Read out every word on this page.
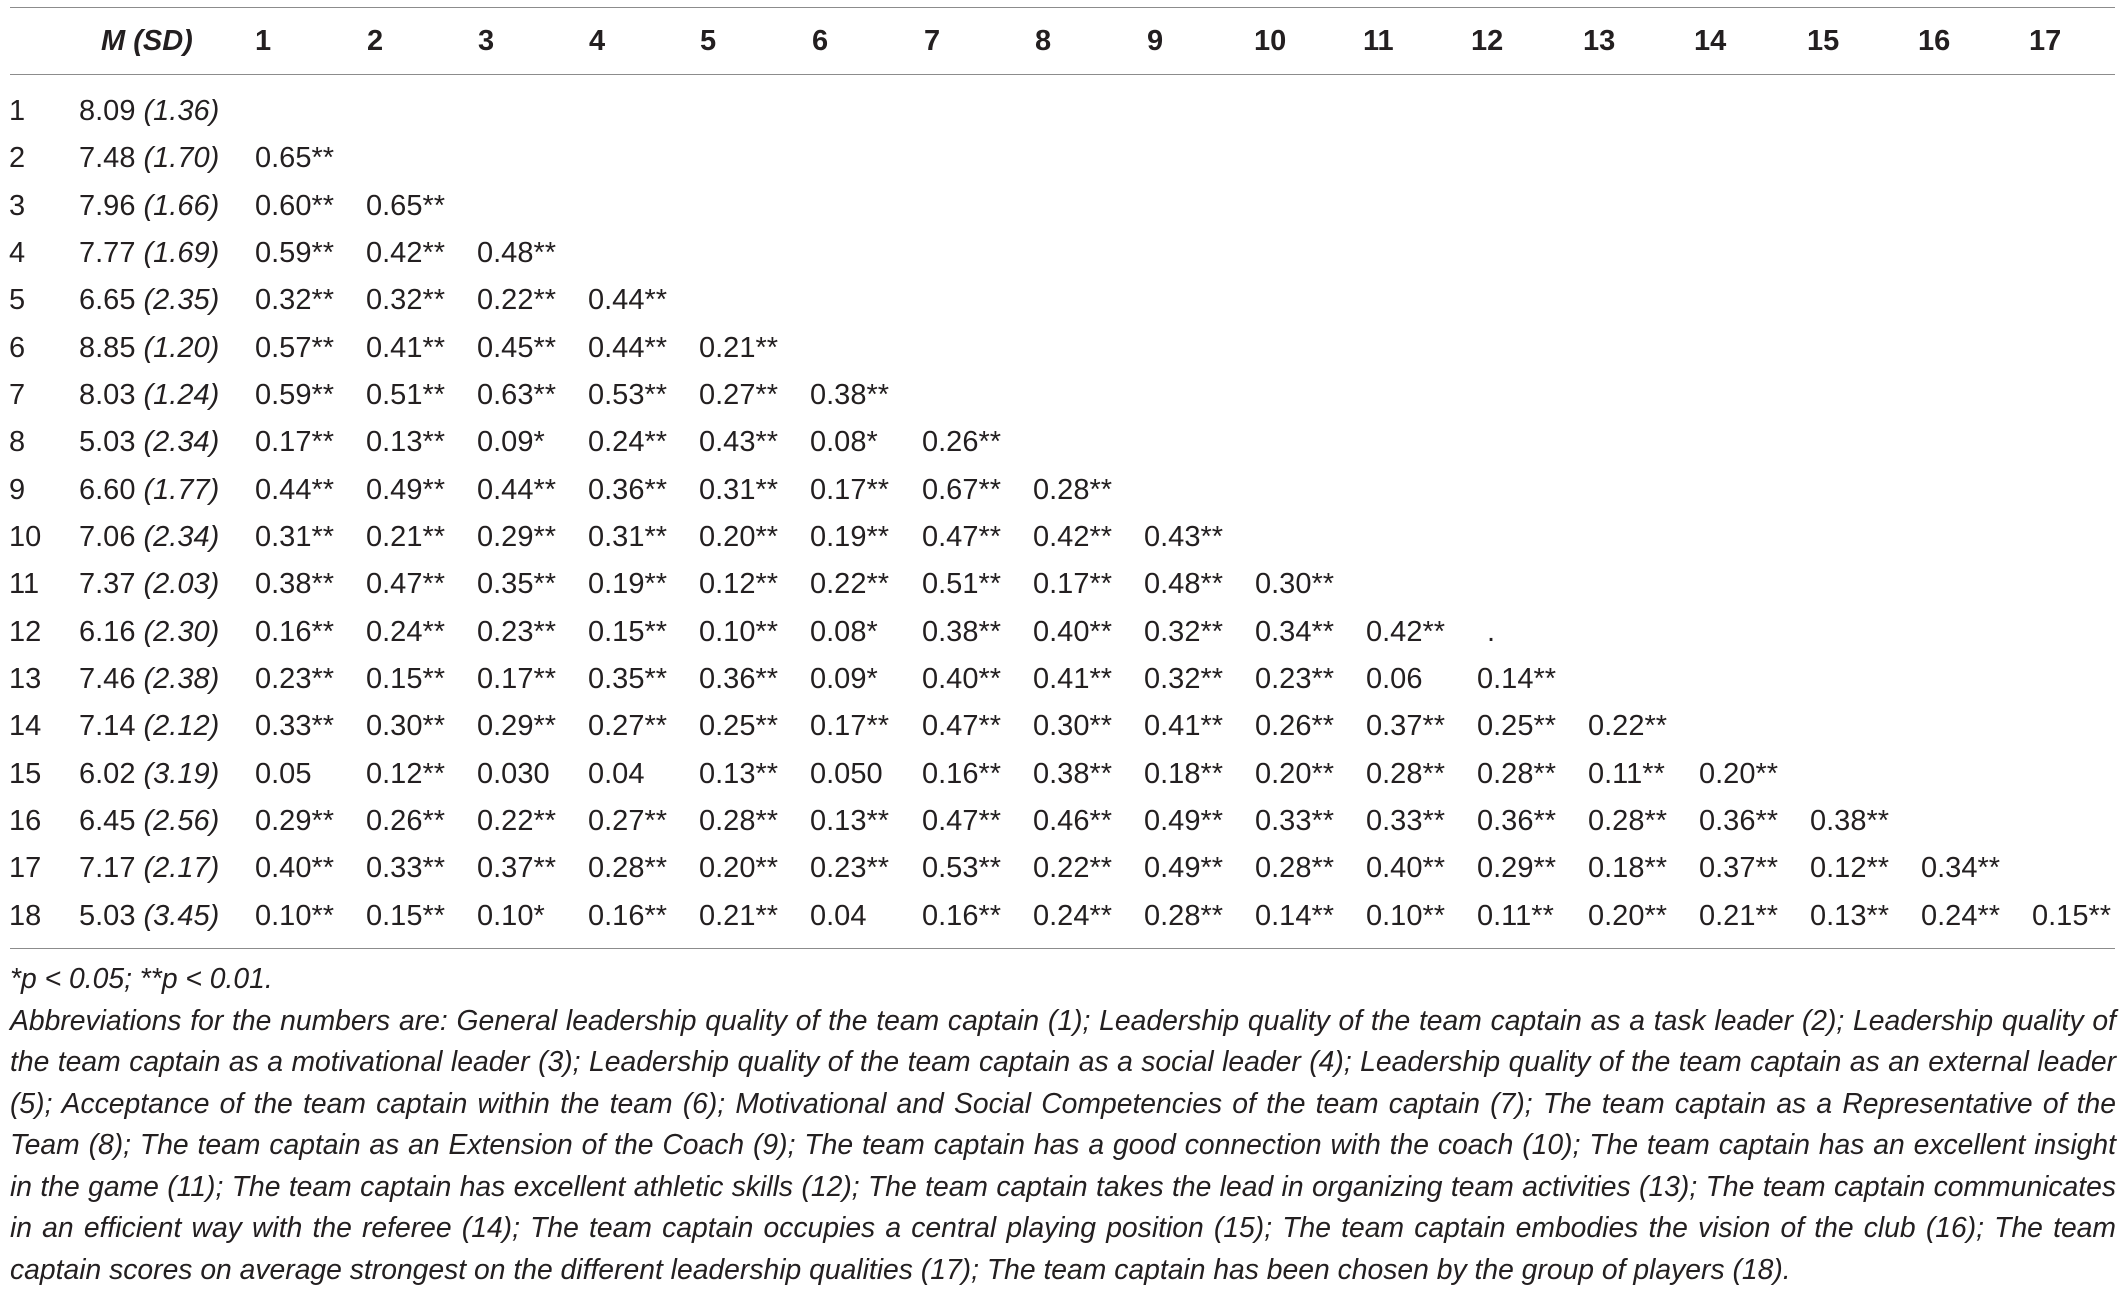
M (SD) 1	2	3	4	5	6	7	8	9	10	11	12	13	14	15	16	17
1 8.09 (1.36)
2 7.48 (1.70) 0.65**
3 7.96 (1.66) 0.60** 0.65**
4 7.77 (1.69) 0.59** 0.42** 0.48**
5 6.65 (2.35) 0.32** 0.32** 0.22** 0.44**
6 8.85 (1.20) 0.57** 0.41** 0.45** 0.44** 0.21**
7 8.03 (1.24) 0.59** 0.51** 0.63** 0.53** 0.27** 0.38**
8 5.03 (2.34) 0.17** 0.13** 0.09* 0.24** 0.43** 0.08* 0.26**
9 6.60 (1.77) 0.44** 0.49** 0.44** 0.36** 0.31** 0.17** 0.67** 0.28**
10 7.06 (2.34) 0.31** 0.21** 0.29** 0.31** 0.20** 0.19** 0.47** 0.42** 0.43**
11 7.37 (2.03) 0.38** 0.47** 0.35** 0.19** 0.12** 0.22** 0.51** 0.17** 0.48** 0.30**
12 6.16 (2.30) 0.16** 0.24** 0.23** 0.15** 0.10** 0.08* 0.38** 0.40** 0.32** 0.34** 0.42** .
13 7.46 (2.38) 0.23** 0.15** 0.17** 0.35** 0.36** 0.09* 0.40** 0.41** 0.32** 0.23** 0.06 0.14**
14 7.14 (2.12) 0.33** 0.30** 0.29** 0.27** 0.25** 0.17** 0.47** 0.30** 0.41** 0.26** 0.37** 0.25** 0.22**
15 6.02 (3.19) 0.05 0.12** 0.030 0.04 0.13** 0.050 0.16** 0.38** 0.18** 0.20** 0.28** 0.28** 0.11** 0.20**
16 6.45 (2.56) 0.29** 0.26** 0.22** 0.27** 0.28** 0.13** 0.47** 0.46** 0.49** 0.33** 0.33** 0.36** 0.28** 0.36** 0.38**
17 7.17 (2.17) 0.40** 0.33** 0.37** 0.28** 0.20** 0.23** 0.53** 0.22** 0.49** 0.28** 0.40** 0.29** 0.18** 0.37** 0.12** 0.34**
18 5.03 (3.45) 0.10** 0.15** 0.10* 0.16** 0.21** 0.04 0.16** 0.24** 0.28** 0.14** 0.10** 0.11** 0.20** 0.21** 0.13** 0.24** 0.15**

*p < 0.05; **p < 0.01.

Abbreviations for the numbers are: General leadership quality of the team captain (1); Leadership quality of the team captain as a task leader (2); Leadership quality of the team captain as a motivational leader (3); Leadership quality of the team captain as a social leader (4); Leadership quality of the team captain as an external leader (5); Acceptance of the team captain within the team (6); Motivational and Social Competencies of the team captain (7); The team captain as a Representative of the Team (8); The team captain as an Extension of the Coach (9); The team captain has a good connection with the coach (10); The team captain has an excellent insight in the game (11); The team captain has excellent athletic skills (12); The team captain takes the lead in organizing team activities (13); The team captain communicates in an efficient way with the referee (14); The team captain occupies a central playing position (15); The team captain embodies the vision of the club (16); The team captain scores on average strongest on the different leadership qualities (17); The team captain has been chosen by the group of players (18).
